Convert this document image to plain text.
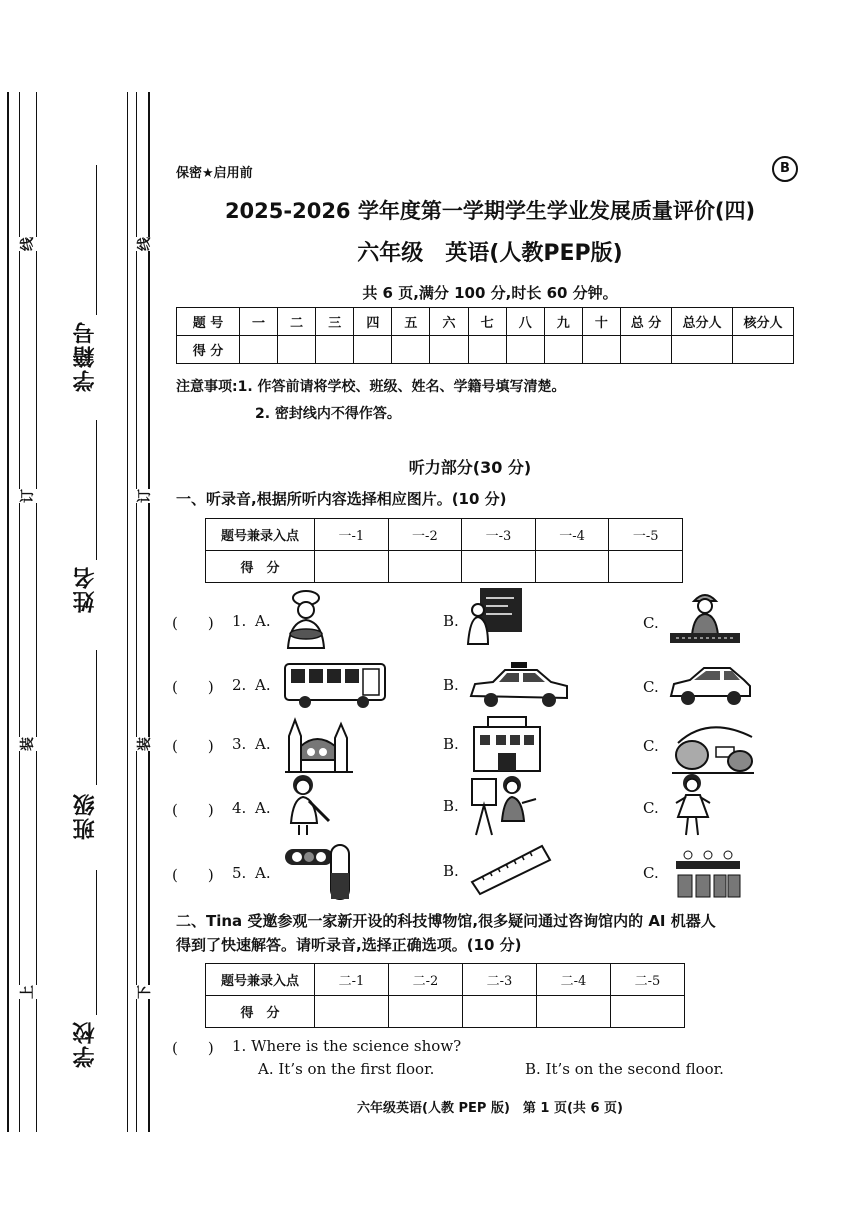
线
订
装
上
线
订
装
下
学籍号
姓名
班级
学校
保密★启用前	B
2025-2026 学年度第一学期学生学业发展质量评价(四)
六年级　英语(人教PEP版)
共 6 页,满分 100 分,时长 60 分钟。
题 号	一	二	三	四	五	六	七	八	九	十	总 分	总分人	核分人
得 分													
注意事项:1. 作答前请将学校、班级、姓名、学籍号填写清楚。
2. 密封线内不得作答。
听力部分(30 分)
一、听录音,根据所听内容选择相应图片。(10 分)
题号兼录入点	一-1	一-2	一-3	一-4	一-5
得　分					
(　　) 1. A.	B.	C.
(　　) 2. A.	B.	C.
(　　) 3. A.	B.	C.
(　　) 4. A.	B.	C.
(　　) 5. A.	B.	C.
二、Tina 受邀参观一家新开设的科技博物馆,很多疑问通过咨询馆内的 AI 机器人
得到了快速解答。请听录音,选择正确选项。(10 分)
题号兼录入点	二-1	二-2	二-3	二-4	二-5
得　分					
(　　) 1. Where is the science show?
A. It’s on the first floor.	B. It’s on the second floor.
六年级英语(人教 PEP 版)　第 1 页(共 6 页)
